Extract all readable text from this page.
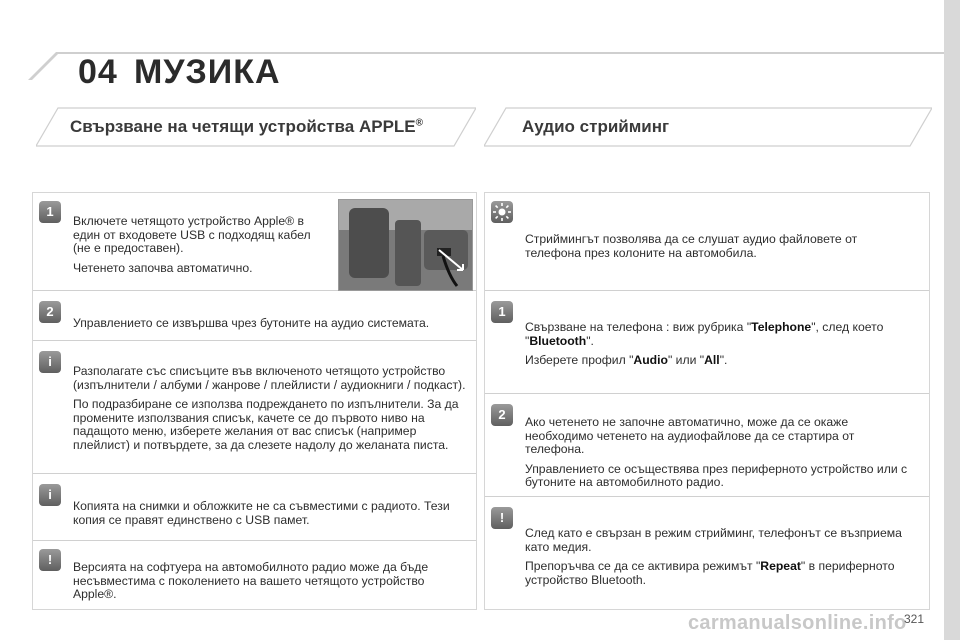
04 МУЗИКА
Свързване на четящи устройства APPLE®	Аудио стрийминг
1

Включете четящото устройство Apple® в един от входовете USB с подходящ кабел (не е предоставен).

Четенето започва автоматично.

2

Управлението се извършва чрез бутоните на аудио системата.

i

Разполагате със списъците във включеното четящото устройство (изпълнители / албуми / жанрове / плейлисти / аудиокниги / подкаст).

По подразбиране се използва подреждането по изпълнители. За да промените използвания списък, качете се до първото ниво на падащото меню, изберете желания от вас списък (например плейлист) и потвърдете, за да слезете надолу до желаната писта.

i

Копията на снимки и обложките не са съвместими с радиото. Тези копия се правят единствено с USB памет.

!	Версията на софтуера на автомобилното радио може да бъде несъвместима с поколението на вашето четящото устройство Apple®.

Стриймингът позволява да се слушат аудио файловете от телефона през колоните на автомобила.

1

Свързване на телефона : виж рубрика "Telephone", след което "Bluetooth".

Изберете профил "Audio" или "All".

2	Ако четенето не започне автоматично, може да се окаже необходимо четенето на аудиофайлове да се стартира от телефона.

Управлението се осъществява през периферното устройство или с бутоните на автомобилното радио.

!

След като е свързан в режим стрийминг, телефонът се възприема като медия.

Препоръчва се да се активира режимът "Repeat" в периферното устройство Bluetooth.

carmanualsonline.info
321
